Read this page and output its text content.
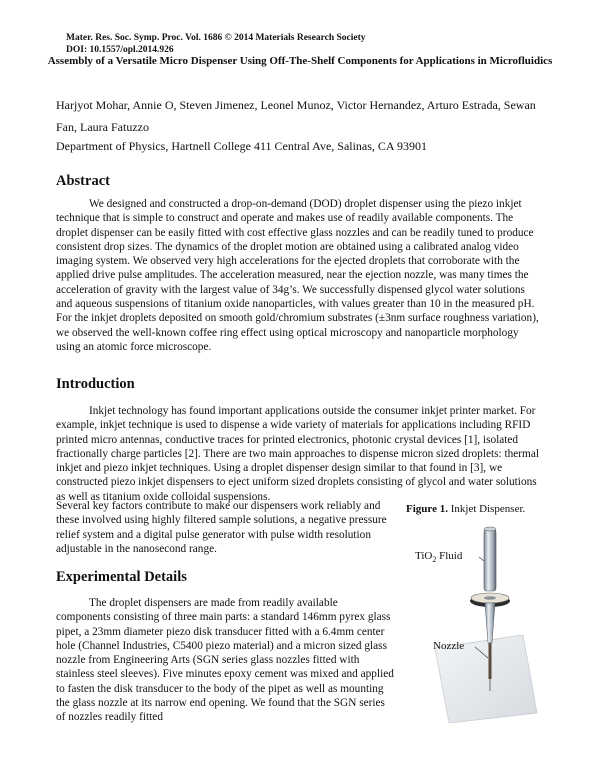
Mater. Res. Soc. Symp. Proc. Vol. 1686 © 2014 Materials Research Society
DOI: 10.1557/opl.2014.926
Assembly of a Versatile Micro Dispenser Using Off-The-Shelf Components for Applications in Microfluidics
Harjyot Mohar, Annie O, Steven Jimenez, Leonel Munoz, Victor Hernandez, Arturo Estrada, Sewan Fan, Laura Fatuzzo
Department of Physics, Hartnell College 411 Central Ave, Salinas, CA 93901
Abstract

We designed and constructed a drop-on-demand (DOD) droplet dispenser using the piezo inkjet technique that is simple to construct and operate and makes use of readily available components. The droplet dispenser can be easily fitted with cost effective glass nozzles and can be readily tuned to produce consistent drop sizes. The dynamics of the droplet motion are obtained using a calibrated analog video imaging system. We observed very high accelerations for the ejected droplets that corroborate with the applied drive pulse amplitudes. The acceleration measured, near the ejection nozzle, was many times the acceleration of gravity with the largest value of 34g’s. We successfully dispensed glycol water solutions and aqueous suspensions of titanium oxide nanoparticles, with values greater than 10 in the measured pH. For the inkjet droplets deposited on smooth gold/chromium substrates (±3nm surface roughness variation), we observed the well-known coffee ring effect using optical microscopy and nanoparticle morphology using an atomic force microscope.

Introduction

Inkjet technology has found important applications outside the consumer inkjet printer market. For example, inkjet technique is used to dispense a wide variety of materials for applications including RFID printed micro antennas, conductive traces for printed electronics, photonic crystal devices [1], isolated fractionally charge particles [2]. There are two main approaches to dispense micron sized droplets: thermal inkjet and piezo inkjet techniques. Using a droplet dispenser design similar to that found in [3], we constructed piezo inkjet dispensers to eject uniform sized droplets consisting of glycol and water solutions as well as titanium oxide colloidal suspensions.

Several key factors contribute to make our dispensers work reliably and these involved using highly filtered sample solutions, a negative pressure relief system and a digital pulse generator with pulse width resolution adjustable in the nanosecond range.

Experimental Details

The droplet dispensers are made from readily available components consisting of three main parts: a standard 146mm pyrex glass pipet, a 23mm diameter piezo disk transducer fitted with a 6.4mm center hole (Channel Industries, C5400 piezo material) and a micron sized glass nozzle from Engineering Arts (SGN series glass nozzles fitted with stainless steel sleeves). Five minutes epoxy cement was mixed and applied to fasten the disk transducer to the body of the pipet as well as mounting the glass nozzle at its narrow end opening. We found that the SGN series of nozzles readily fitted

Figure 1. Inkjet Dispenser.
TiO$_2$ Fluid
Nozzle
